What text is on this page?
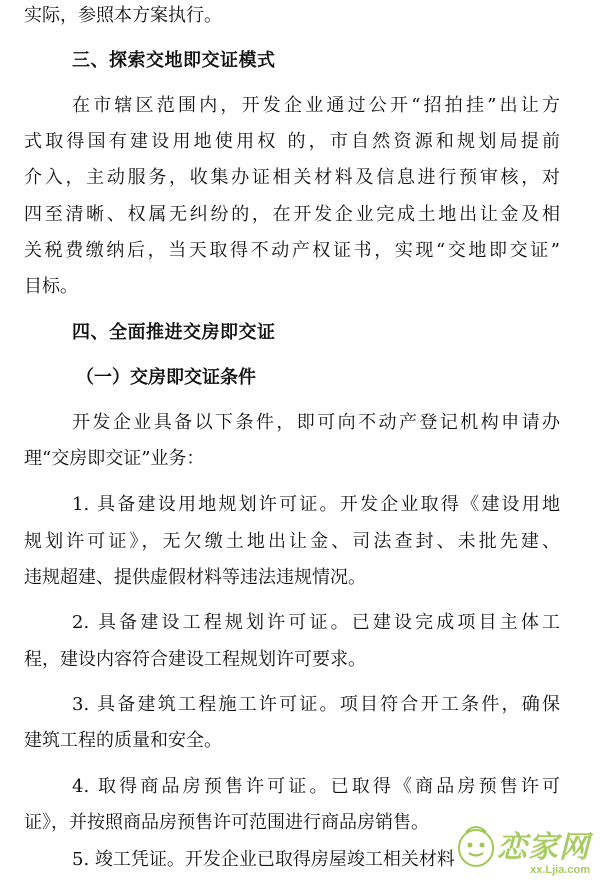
实际，参照本方案执行。
三、探索交地即交证模式
在市辖区范围内，开发企业通过公开“招拍挂”出让方
式取得国有建设用地使用权 的，市自然资源和规划局提前
介入，主动服务，收集办证相关材料及信息进行预审核，对
四至清晰、权属无纠纷的，在开发企业完成土地出让金及相
关税费缴纳后，当天取得不动产权证书，实现“交地即交证”
目标。
四、全面推进交房即交证
（一）交房即交证条件
开发企业具备以下条件，即可向不动产登记机构申请办
理“交房即交证”业务：
1. 具备建设用地规划许可证。开发企业取得《建设用地
规划许可证》，无欠缴土地出让金、司法查封、未批先建、
违规超建、提供虚假材料等违法违规情况。
2. 具备建设工程规划许可证。已建设完成项目主体工
程，建设内容符合建设工程规划许可要求。
3. 具备建筑工程施工许可证。项目符合开工条件，确保
建筑工程的质量和安全。
4. 取得商品房预售许可证。已取得《商品房预售许可
证》，并按照商品房预售许可范围进行商品房销售。
5. 竣工凭证。开发企业已取得房屋竣工相关材料	恋家网
xx.Ljia.com
